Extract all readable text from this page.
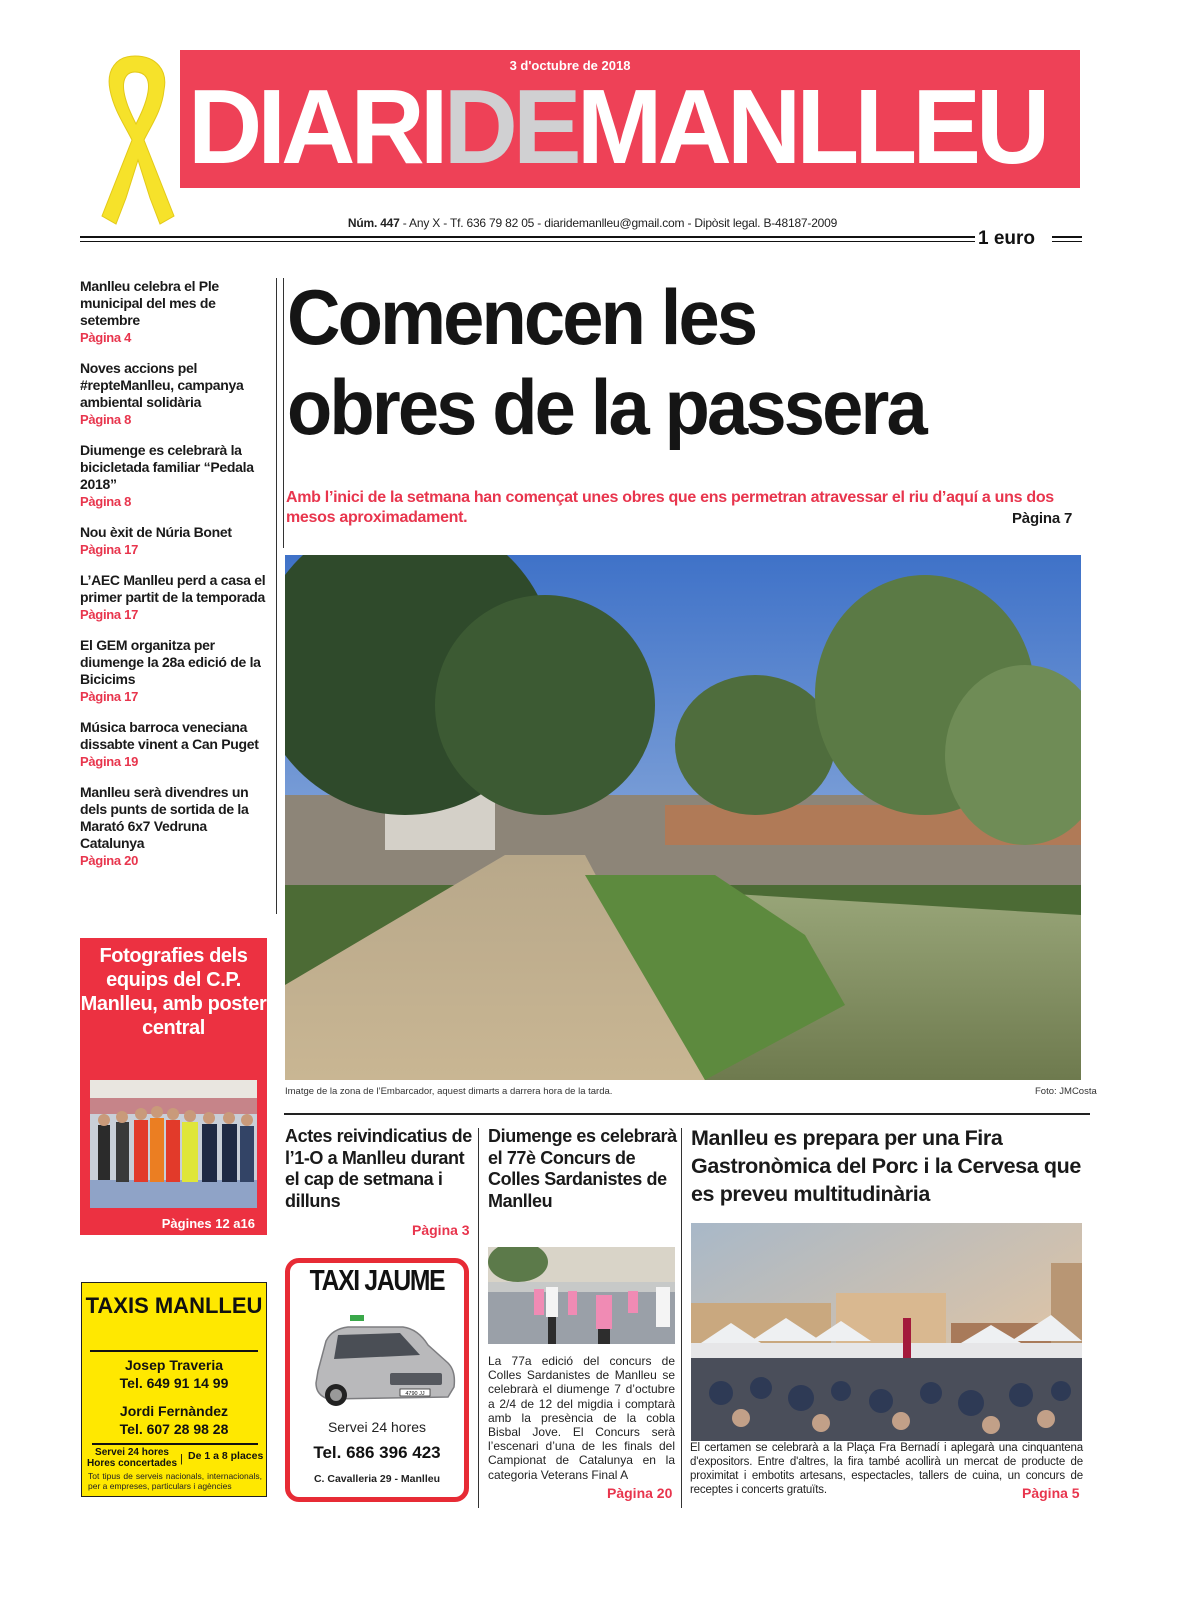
3 d'octubre de 2018
DIARIDEMANLLEU
Núm. 447 - Any X - Tf. 636 79 82 05 - diaridemanlleu@gmail.com - Dipòsit legal. B-48187-2009
1 euro
Manlleu celebra el Ple municipal del mes de setembre
Pàgina 4
Noves accions pel #repteManlleu, campanya ambiental solidària
Pàgina 8
Diumenge es celebrarà la bicicletada familiar “Pedala 2018”
Pàgina 8
Nou èxit de Núria Bonet
Pàgina 17
L’AEC Manlleu perd a casa el primer partit de la temporada
Pàgina 17
El GEM organitza per diumenge la 28a edició de la Bicicims
Pàgina 17
Música barroca veneciana dissabte vinent a Can Puget
Pàgina 19
Manlleu serà divendres un dels punts de sortida de la Marató 6x7 Vedruna Catalunya
Pàgina 20
Fotografies dels equips del C.P. Manlleu, amb poster central
Pàgines 12 a16
TAXIS MANLLEU
Josep Traveria
Tel. 649 91 14 99
Jordi Fernàndez
Tel. 607 28 98 28
Servei 24 hores
Hores concertades | De 1 a 8 places
Tot tipus de serveis nacionals, internacionals, per a empreses, particulars i agències
Comencen les
obres de la passera
Amb l’inici de la setmana han començat unes obres que ens permetran atravessar el riu d’aquí a uns dos mesos aproximadament.	Pàgina 7
Imatge de la zona de l’Embarcador, aquest dimarts a darrera hora de la tarda.	Foto: JMCosta
Actes reivindicatius de l’1-O a Manlleu durant el cap de setmana i dilluns
Pàgina 3
TAXI JAUME
4790 JJ
Servei 24 hores
Tel. 686 396 423
C. Cavalleria 29 - Manlleu
Diumenge es celebrarà el 77è Concurs de Colles Sardanistes de Manlleu
La 77a edició del concurs de Colles Sardanistes de Manlleu se celebrarà el diumenge 7 d’octubre a 2/4 de 12 del migdia i comptarà amb la presència de la cobla Bisbal Jove. El Concurs serà l’escenari d’una de les finals del Campionat de Catalunya en la categoria Veterans Final A
Pàgina 20
Manlleu es prepara per una Fira Gastronòmica del Porc i la Cervesa que es preveu multitudinària
El certamen se celebrarà a la Plaça Fra Bernadí i aplegarà una cinquantena d'expositors. Entre d'altres, la fira també acollirà un mercat de producte de proximitat i embotits artesans, espectacles, tallers de cuina, un concurs de receptes i concerts gratuïts.	Pàgina 5
